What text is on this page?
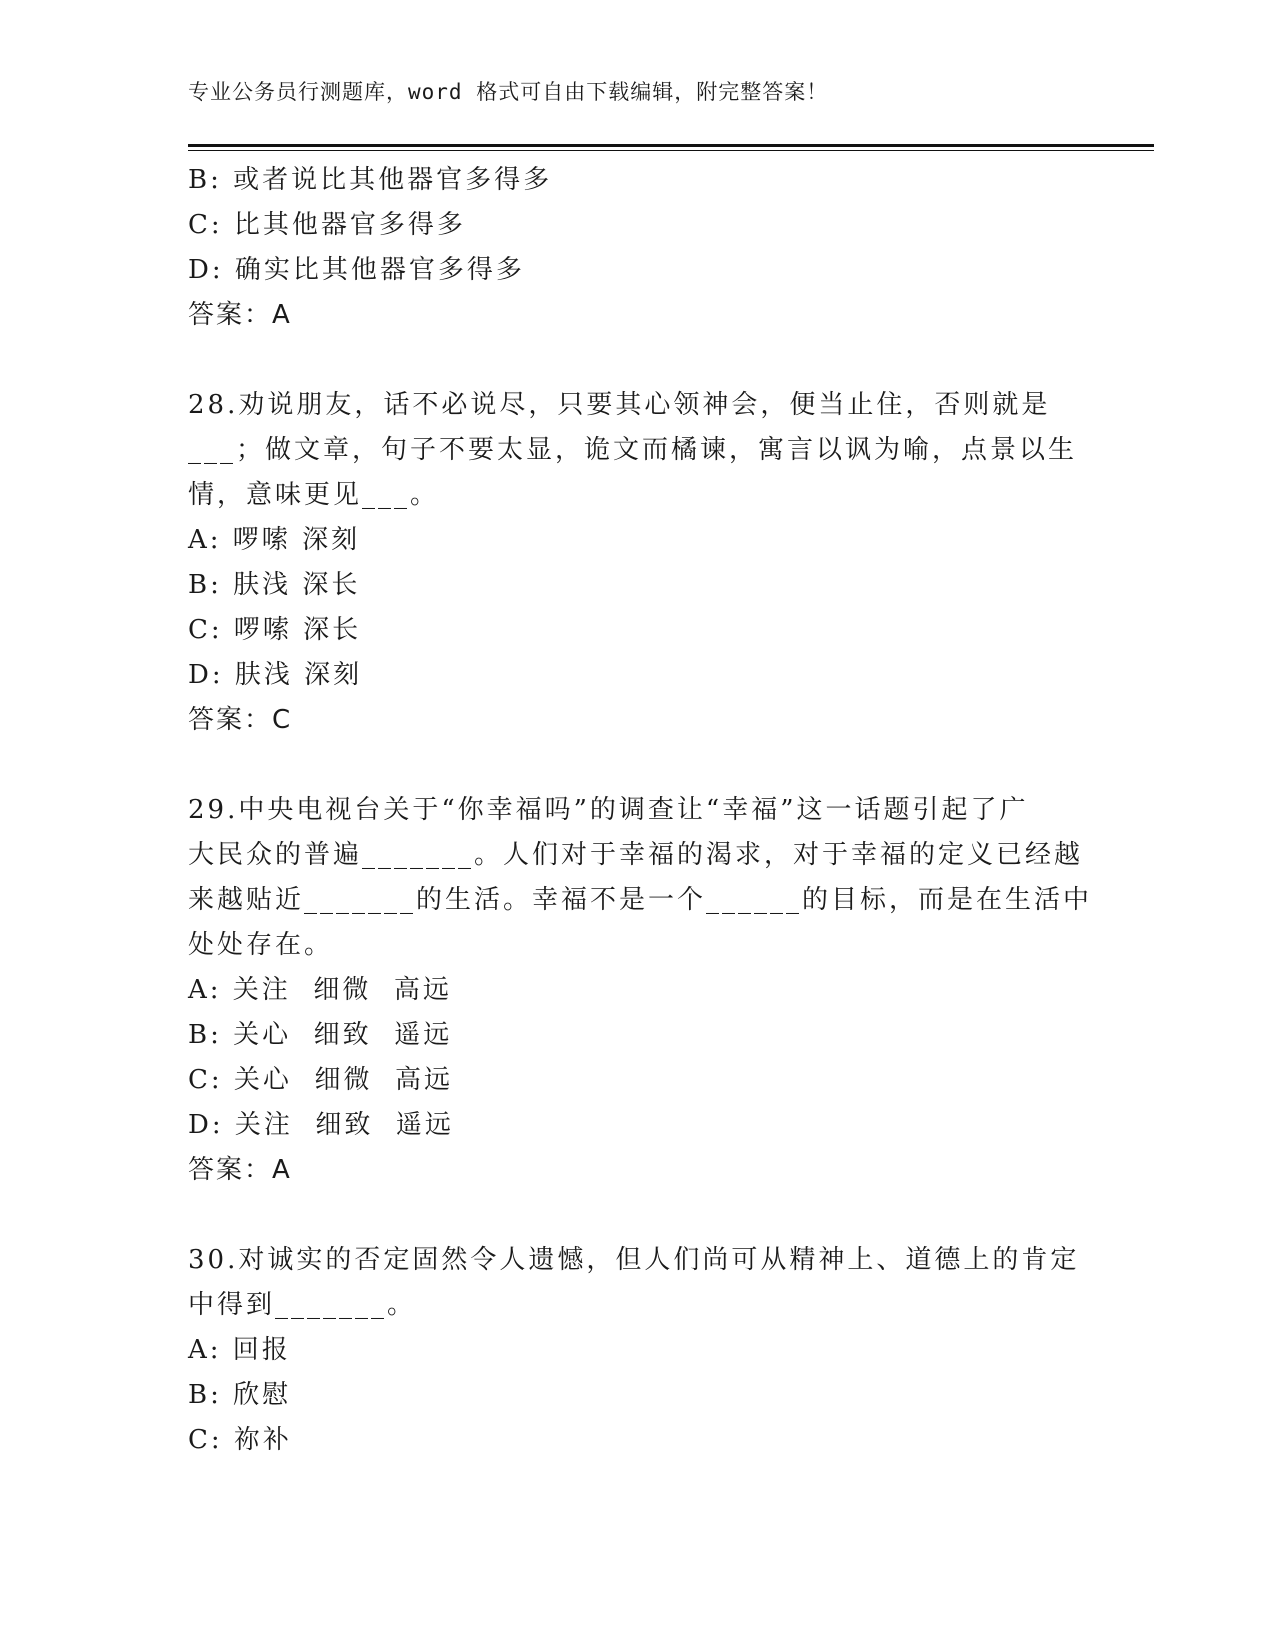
专业公务员行测题库，word 格式可自由下载编辑，附完整答案！
B: 或者说比其他器官多得多
C: 比其他器官多得多
D: 确实比其他器官多得多
答案：A
28.劝说朋友，话不必说尽，只要其心领神会，便当止住，否则就是
___；做文章，句子不要太显，诡文而橘谏，寓言以讽为喻，点景以生
情，意味更见___。
A: 啰嗦 深刻
B: 肤浅 深长
C: 啰嗦 深长
D: 肤浅 深刻
答案：C
29.中央电视台关于“你幸福吗”的调查让“幸福”这一话题引起了广
大民众的普遍_______。人们对于幸福的渴求，对于幸福的定义已经越
来越贴近_______的生活。幸福不是一个______的目标，而是在生活中
处处存在。
A: 关注  细微  高远
B: 关心  细致  遥远
C: 关心  细微  高远
D: 关注  细致  遥远
答案：A
30.对诚实的否定固然令人遗憾，但人们尚可从精神上、道德上的肯定
中得到_______。
A: 回报
B: 欣慰
C: 祢补
